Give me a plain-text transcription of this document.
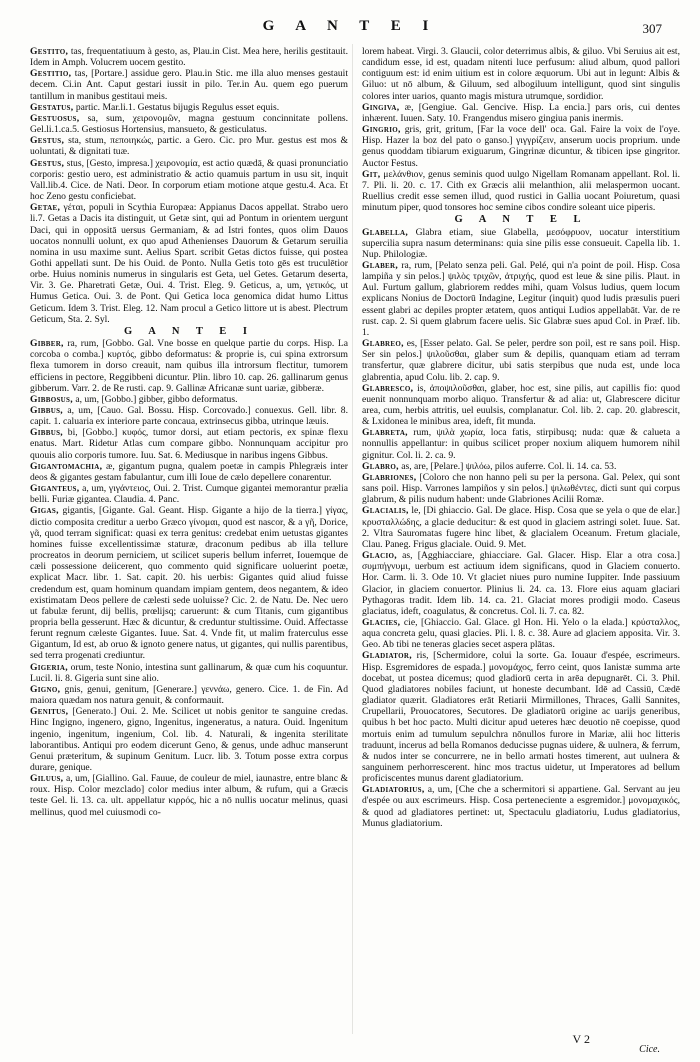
G A N T E I	307

Gestito, tas, frequentatiuum à gesto, as, Plau.in Cist. Mea here, herilis gestitauit. Idem in Amph. Volucrem uocem gestito.

Gestitio, tas, [Portare.] assidue gero. Plau.in Stic. me illa aluo menses gestauit decem. Ci.in Ant. Caput gestari iussit in pilo. Ter.in Au. quem ego puerum tantillum in manibus gestitaui meis.

Gestatus, partic. Mar.li.1. Gestatus bijugis Regulus esset equis.

Gestuosus, sa, sum, χειρονομῶν, magna gestuum concinnitate pollens. Gel.li.1.ca.5. Gestiosus Hortensius, mansueto, & gesticulatus.

Gestus, sta, stum, πεποιηκώς, partic. a Gero. Cic. pro Mur. gestus est mos & uoluntati, & dignitati tuæ.

Gestus, stus, [Gesto, impresa.] χειρονομία, est actio quædā, & quasi pronunciatio corporis: gestio uero, est administratio & actio quamuis partum in usu sit, inquit Vall.lib.4. Cice. de Nati. Deor. In corporum etiam motione atque gestu.4. Aca. Et hoc Zeno gestu conficiebat.

Getae, γέται, populi in Scythia Europæa: Appianus Dacos appellat. Strabo uero li.7. Getas a Dacis ita distinguit, ut Getæ sint, qui ad Pontum in orientem uergunt Daci, qui in oppositā uersus Germaniam, & ad Istri fontes, quos olim Dauos uocatos nonnulli uolunt, ex quo apud Athenienses Dauorum & Getarum seruilia nomina in usu maxime sunt. Aelius Spart. scribit Getas dictos fuisse, qui postea Gothi appellati sunt. De his Ouid. de Ponto. Nulla Getis toto gēs est truculētior orbe. Huius nominis numerus in singularis est Geta, uel Getes. Getarum deserta, Vir. 3. Ge. Pharetrati Getæ, Oui. 4. Trist. Eleg. 9. Geticus, a, um, γετικός, ut Humus Getica. Oui. 3. de Pont. Qui Getica loca genomica didat humo Littus Geticum. Idem 3. Trist. Eleg. 12. Nam procul a Getico littore ut is abest. Plectrum Geticum, Sta. 2. Syl.

G A N T E I

Gibber, ra, rum, [Gobbo. Gal. Vne bosse en quelque partie du corps. Hisp. La corcoba o comba.] κυρτός, gibbo deformatus: & proprie is, cui spina extrorsum flexa tumorem in dorso creauit, nam quibus illa introrsum flectitur, tumorem efficiens in pectore, Reggibbeni dicuntur. Plin. libro 10. cap. 26. gallinarum genus gibberum. Varr. 2. de Re rusti. cap. 9. Gallinæ Africanæ sunt uariæ, gibberæ.

Gibbosus, a, um, [Gobbo.] gibber, gibbo deformatus.

Gibbus, a, um, [Cauo. Gal. Bossu. Hisp. Corcovado.] conuexus. Gell. libr. 8. capit. 1. caluaria ex interiore parte concaua, extrinsecus gibba, utrinque læuis.

Gibbus, bi, [Gobbo.] κυφός, tumor dorsi, aut etiam pectoris, ex spinæ flexu enatus. Mart. Ridetur Atlas cum compare gibbo. Nonnunquam accipitur pro quouis alio corporis tumore. Iuu. Sat. 6. Mediusque in naribus ingens Gibbus.

Gigantomachia, æ, gigantum pugna, qualem poetæ in campis Phlegræis inter deos & gigantes gestam fabulantur, cum illi Ioue de cælo depellere conarentur.

Giganteus, a, um, γιγάντειος, Oui. 2. Trist. Cumque gigantei memorantur prælia belli. Furiæ gigantea. Claudia. 4. Panc.

Gigas, gigantis, [Gigante. Gal. Geant. Hisp. Gigante a hijo de la tierra.] γίγας, dictio composita creditur a uerbo Græco γίνομαι, quod est nascor, & a γῆ, Dorice, γᾶ, quod terram significat: quasi ex terra genitus: credebat enim uetustas gigantes homines fuisse excellentissimæ staturæ, draconum pedibus ab illa tellure procreatos in deorum perniciem, ut scilicet superis bellum inferret, Iouemque de cæli possessione deiicerent, quo commento quid significare uoluerint poetæ, explicat Macr. libr. 1. Sat. capit. 20. his uerbis: Gigantes quid aliud fuisse credendum est, quam hominum quandam impiam gentem, deos negantem, & ideo existimatam Deos pellere de cælesti sede uoluisse? Cic. 2. de Natu. De. Nec uero ut fabulæ ferunt, dij bellis, prœlijsq; caruerunt: & cum Titanis, cum gigantibus propria bella gesserunt. Hæc & dicuntur, & creduntur stultissime. Ouid. Affectasse ferunt regnum cæleste Gigantes. Iuue. Sat. 4. Vnde fit, ut malim fraterculus esse Gigantum, Id est, ab oruo & ignoto genere natus, ut gigantes, qui nullis parentibus, sed terra progenati crediuntur.

Gigeria, orum, teste Nonio, intestina sunt gallinarum, & quæ cum his coquuntur. Lucil. li. 8. Gigeria sunt sine alio.

Gigno, gnis, genui, genitum, [Generare.] γεννάω, genero. Cice. 1. de Fin. Ad maiora quædam nos natura genuit, & conformauit.

Genitus, [Generato.] Oui. 2. Me. Scilicet ut nobis genitor te sanguine credas. Hinc Ingigno, ingenero, gigno, Ingenitus, ingeneratus, a natura. Ouid. Ingenitum ingenio, ingenitum, ingenium, Col. lib. 4. Naturali, & ingenita sterilitate laborantibus. Antiqui pro eodem dicerunt Geno, & genus, unde adhuc manserunt Genui præteritum, & supinum Genitum. Lucr. lib. 3. Totum posse extra corpus durare, genique.

Giluus, a, um, [Giallino. Gal. Fauue, de couleur de miel, iaunastre, entre blanc & roux. Hisp. Color mezclado] color medius inter album, & rufum, qui a Græcis teste Gel. li. 13. ca. ult. appellatur κιρρός, hic a nō nullis uocatur melinus, quasi mellinus, quod mel cuiusmodi co-

lorem habeat. Virgi. 3. Glaucii, color deterrimus albis, & giluo. Vbi Seruius ait est, candidum esse, id est, quadam nitenti luce perfusum: aliud album, quod pallori contiguum est: id enim uitium est in colore æquorum. Ubi aut in legunt: Albis & Giluo: ut nō album, & Giluum, sed albogiluum intelligunt, quod sint singulis colores inter uarios, quanto magis mistura utrumque, sordidior.

Gingiva, æ, [Gengiue. Gal. Gencive. Hisp. La encia.] pars oris, cui dentes inhærent. Iuuen. Saty. 10. Frangendus misero gingiua panis inermis.

Gingrio, gris, grit, gritum, [Far la voce dell' oca. Gal. Faire la voix de l'oye. Hisp. Hazer la boz del pato o ganso.] γιγγρίζειν, anserum uocis proprium. unde genus quoddam tibiarum exiguarum, Gingrinæ dicuntur, & tibicen ipse gingritor. Auctor Festus.

Git, μελάνθιον, genus seminis quod uulgo Nigellam Romanam appellant. Rol. li. 7. Pli. li. 20. c. 17. Cith ex Græcis alii melanthion, alii melaspermon uocant. Ruellius credit esse semen illud, quod rustici in Gallia uocant Poiuretum, quasi minutum piper, quod tonsores hoc semine cibos condire soleant uice piperis.

G A N T E L

Glabella, Glabra etiam, siue Glabella, μεσόφρυον, uocatur interstitium supercilia supra nasum determinans: quia sine pilis esse consueuit. Capella lib. 1. Nup. Philologiæ.

Glaber, ra, rum, [Pelato senza peli. Gal. Pelé, qui n'a point de poil. Hisp. Cosa lampiña y sin pelos.] ψιλὸς τριχῶν, ἀτριχής, quod est leue & sine pilis. Plaut. in Aul. Furtum gallum, glabriorem reddes mihi, quam Volsus ludius, quem locum explicans Nonius de Doctorū Indagine, Legitur (inquit) quod ludis præsulis pueri essent glabri ac depiles propter ætatem, quos antiqui Ludios appellabāt. Var. de re rust. cap. 2. Si quem glabrum facere uelis. Sic Glabræ sues apud Col. in Præf. lib. 1.

Glabreo, es, [Esser pelato. Gal. Se peler, perdre son poil, est re sans poil. Hisp. Ser sin pelos.] ψιλοῦσθαι, glaber sum & depilis, quanquam etiam ad terram transfertur, quæ glabrere dicitur, ubi satis sterpibus que nuda est, unde loca glabrentia, apud Colu. lib. 2. cap. 9.

Glabresco, is, ἀποψιλοῦσθαι, glaber, hoc est, sine pilis, aut capillis fio: quod euenit nonnunquam morbo aliquo. Transfertur & ad alia: ut, Glabrescere dicitur area, cum, herbis attritis, uel euulsis, complanatur. Col. lib. 2. cap. 20. glabrescit, & Lxidonea le minibus area, ideft, fit munda.

Glabreta, rum, ψιλὰ χωρία, loca fatis, stirpibusq; nuda: quæ & calueta a nonnullis appellantur: in quibus scilicet proper noxium aliquem humorem nihil gignitur. Col. li. 2. ca. 9.

Glabro, as, are, [Pelare.] ψιλόω, pilos auferre. Col. li. 14. ca. 53.

Glabriones, [Coloro che non hanno peli su per la persona. Gal. Pelex, qui sont sans poil. Hisp. Varrones lampiños y sin pelos.] ψιλωθέντες, dicti sunt qui corpus glabrum, & pilis nudum habent: unde Glabriones Acilii Romæ.

Glacialis, le, [Di ghiaccio. Gal. De glace. Hisp. Cosa que se yela o que de elar.] κρυσταλλώδης, a glacie deducitur: & est quod in glaciem astringi solet. Iuue. Sat. 2. Vltra Sauromatas fugere hinc libet, & glacialem Oceanum. Fretum glaciale, Clau. Paneg. Frigus glaciale. Ouid. 9. Met.

Glacio, as, [Agghiacciare, ghiacciare. Gal. Glacer. Hisp. Elar a otra cosa.] συμπήγνυμι, uerbum est actiuum idem significans, quod in Glaciem conuerto. Hor. Carm. li. 3. Ode 10. Vt glaciet niues puro numine Iuppiter. Inde passiuum Glacior, in glaciem conuertor. Plinius li. 24. ca. 13. Flore eius aquam glaciari Pythagoras tradit. Idem lib. 14. ca. 21. Glaciat mores prodigii modo. Caseus glaciatus, ideft, coagulatus, & concretus. Col. li. 7. ca. 82.

Glacies, cie, [Ghiaccio. Gal. Glace. gl Hon. Hi. Yelo o la elada.] κρύσταλλος, aqua concreta gelu, quasi glacies. Pli. l. 8. c. 38. Aure ad glaciem apposita. Vir. 3. Geo. Ab tibi ne teneras glacies secet aspera plātas.

Gladiator, ris, [Schermidore, colui la sorte. Ga. Iouaur d'espée, escrimeurs. Hisp. Esgremidores de espada.] μονομάχος, ferro ceint, quos Ianistæ summa arte docebat, ut postea dicemus; quod gladiorū certa in arēa depugnarēt. Ci. 3. Phil. Quod gladiatores nobiles faciunt, ut honeste decumbant. Idē ad Cassiū, Cædē gladiator quærit. Gladiatores erāt Retiarii Mirmillones, Thraces, Galli Sannites, Crupellarii, Prouocatores, Secutores. De gladiatorū origine ac uarijs generibus, quibus h bet hoc pacto. Multi dicitur apud ueteres hæc deuotio nē coepisse, quod mortuis enim ad tumulum sepulchra nōnullos furore in Mariæ, alii hoc litteris traduunt, incerus ad bella Romanos deducisse pugnas uidere, & uulnera, & ferrum, & nudos inter se concurrere, ne in bello armati hostes timerent, aut uulnera & sanguinem perhorrescerent. hinc mos tractus uidetur, ut Imperatores ad bellum proficiscentes munus darent gladiatorium.

Gladiatorius, a, um, [Che che a schermitori si appartiene. Gal. Servant au jeu d'espée ou aux escrimeurs. Hisp. Cosa perteneciente a esgremidor.] μονομαχικός, & quod ad gladiatores pertinet: ut, Spectaculu gladiatoriu, Ludus gladiatorius, Munus gladiatorium.

V 2
Cice.
